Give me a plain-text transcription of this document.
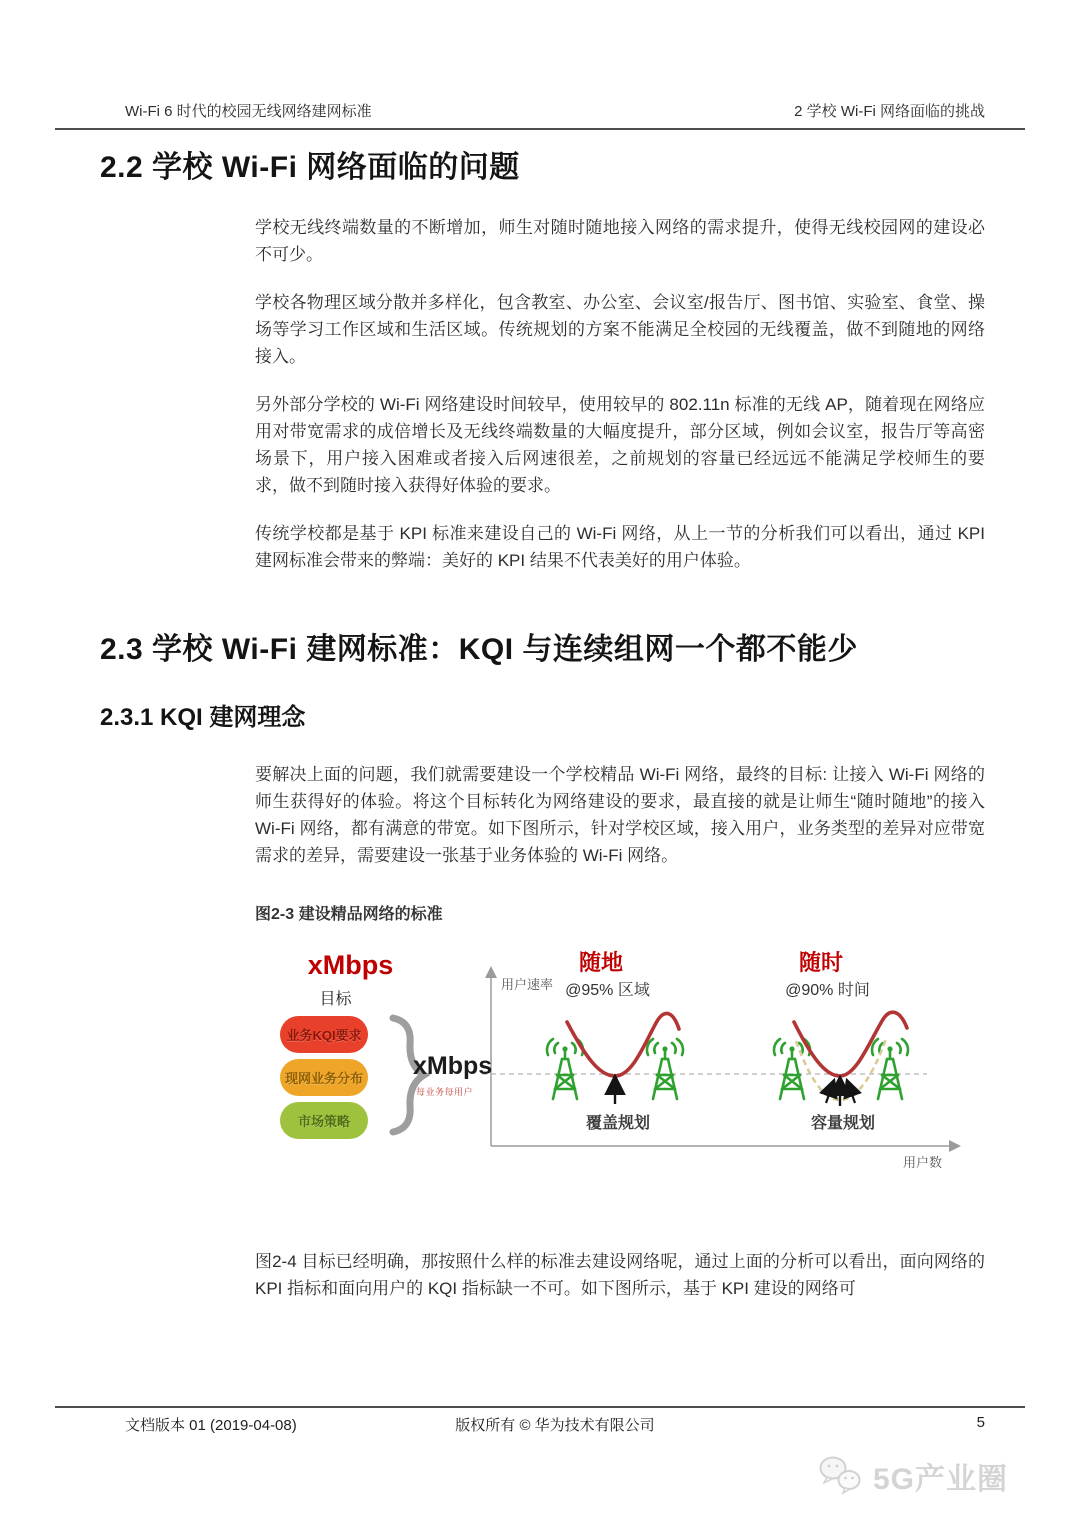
Wi-Fi 6 时代的校园无线网络建网标准	2 学校 Wi-Fi 网络面临的挑战
2.2 学校 Wi-Fi 网络面临的问题

学校无线终端数量的不断增加，师生对随时随地接入网络的需求提升，使得无线校园网的建设必不可少。

学校各物理区域分散并多样化，包含教室、办公室、会议室/报告厅、图书馆、实验室、食堂、操场等学习工作区域和生活区域。传统规划的方案不能满足全校园的无线覆盖，做不到随地的网络接入。

另外部分学校的 Wi-Fi 网络建设时间较早，使用较早的 802.11n 标准的无线 AP，随着现在网络应用对带宽需求的成倍增长及无线终端数量的大幅度提升，部分区域，例如会议室，报告厅等高密场景下，用户接入困难或者接入后网速很差，之前规划的容量已经远远不能满足学校师生的要求，做不到随时接入获得好体验的要求。

传统学校都是基于 KPI 标准来建设自己的 Wi-Fi 网络，从上一节的分析我们可以看出，通过 KPI 建网标准会带来的弊端：美好的 KPI 结果不代表美好的用户体验。

2.3 学校 Wi-Fi 建网标准：KQI 与连续组网一个都不能少
2.3.1 KQI 建网理念

要解决上面的问题，我们就需要建设一个学校精品 Wi-Fi 网络，最终的目标: 让接入 Wi-Fi 网络的师生获得好的体验。将这个目标转化为网络建设的要求，最直接的就是让师生“随时随地”的接入 Wi-Fi 网络，都有满意的带宽。如下图所示，针对学校区域，接入用户，业务类型的差异对应带宽需求的差异，需要建设一张基于业务体验的 Wi-Fi 网络。

图2-3 建设精品网络的标准
xMbps
目标
业务KQI要求
现网业务分布
市场策略
xMbps
每业务每用户
用户速率
随地
@95% 区域
覆盖规划
随时
@90% 时间
容量规划
用户数

图2-4 目标已经明确，那按照什么样的标准去建设网络呢，通过上面的分析可以看出，面向网络的 KPI 指标和面向用户的 KQI 指标缺一不可。如下图所示，基于 KPI 建设的网络可

文档版本 01 (2019-04-08)	版权所有 © 华为技术有限公司	5
5G产业圈
